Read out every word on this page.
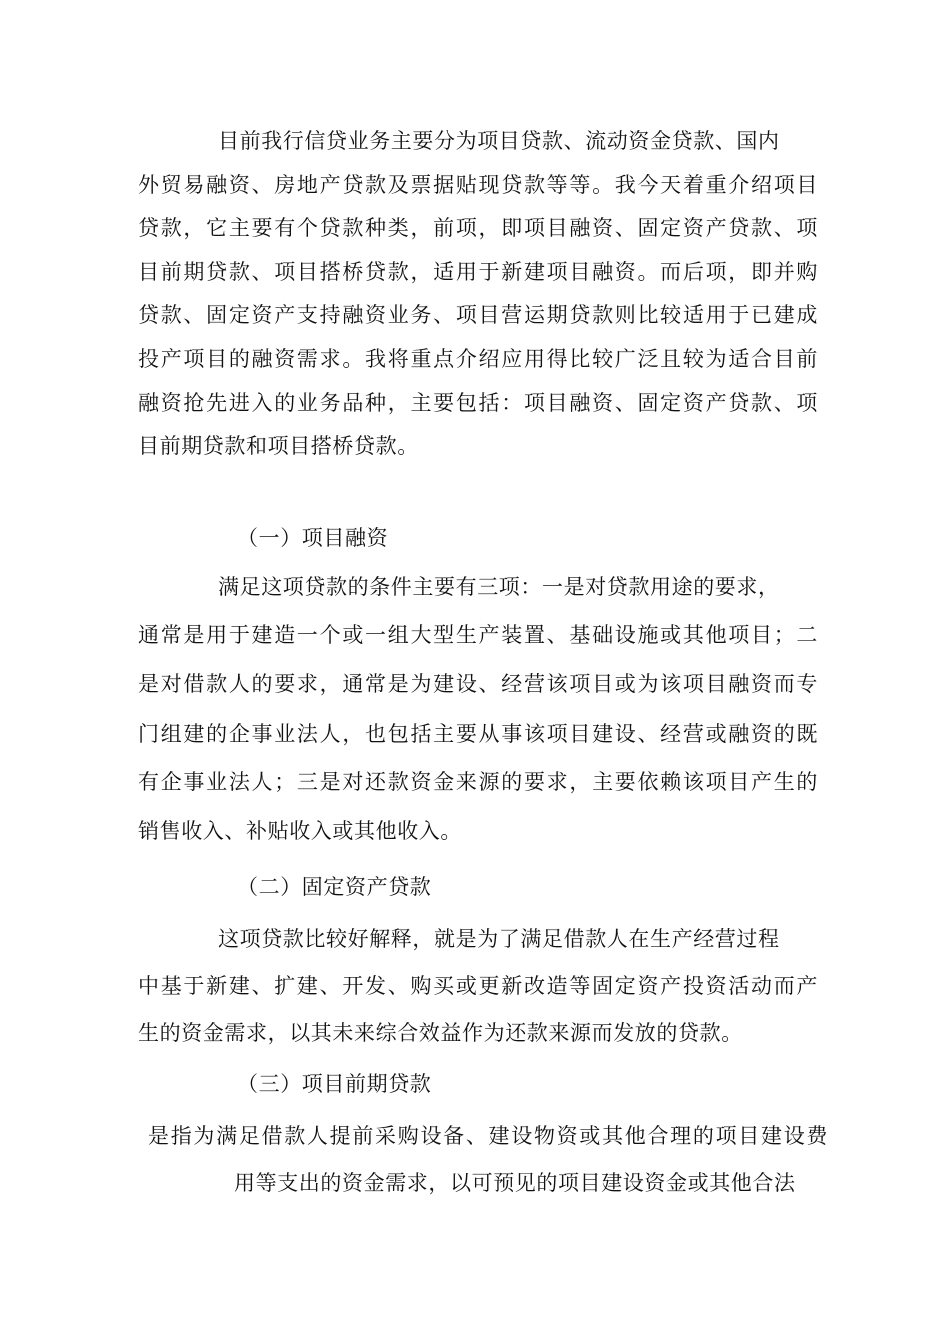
目前我行信贷业务主要分为项目贷款、流动资金贷款、国内
外贸易融资、房地产贷款及票据贴现贷款等等。我今天着重介绍项目
贷款，它主要有个贷款种类，前项，即项目融资、固定资产贷款、项
目前期贷款、项目搭桥贷款，适用于新建项目融资。而后项，即并购
贷款、固定资产支持融资业务、项目营运期贷款则比较适用于已建成
投产项目的融资需求。我将重点介绍应用得比较广泛且较为适合目前
融资抢先进入的业务品种，主要包括：项目融资、固定资产贷款、项
目前期贷款和项目搭桥贷款。
（一）项目融资
满足这项贷款的条件主要有三项：一是对贷款用途的要求，
通常是用于建造一个或一组大型生产装置、基础设施或其他项目；二
是对借款人的要求，通常是为建设、经营该项目或为该项目融资而专
门组建的企事业法人，也包括主要从事该项目建设、经营或融资的既
有企事业法人；三是对还款资金来源的要求，主要依赖该项目产生的
销售收入、补贴收入或其他收入。
（二）固定资产贷款
这项贷款比较好解释，就是为了满足借款人在生产经营过程
中基于新建、扩建、开发、购买或更新改造等固定资产投资活动而产
生的资金需求，以其未来综合效益作为还款来源而发放的贷款。
（三）项目前期贷款
是指为满足借款人提前采购设备、建设物资或其他合理的项目建设费
用等支出的资金需求，以可预见的项目建设资金或其他合法
